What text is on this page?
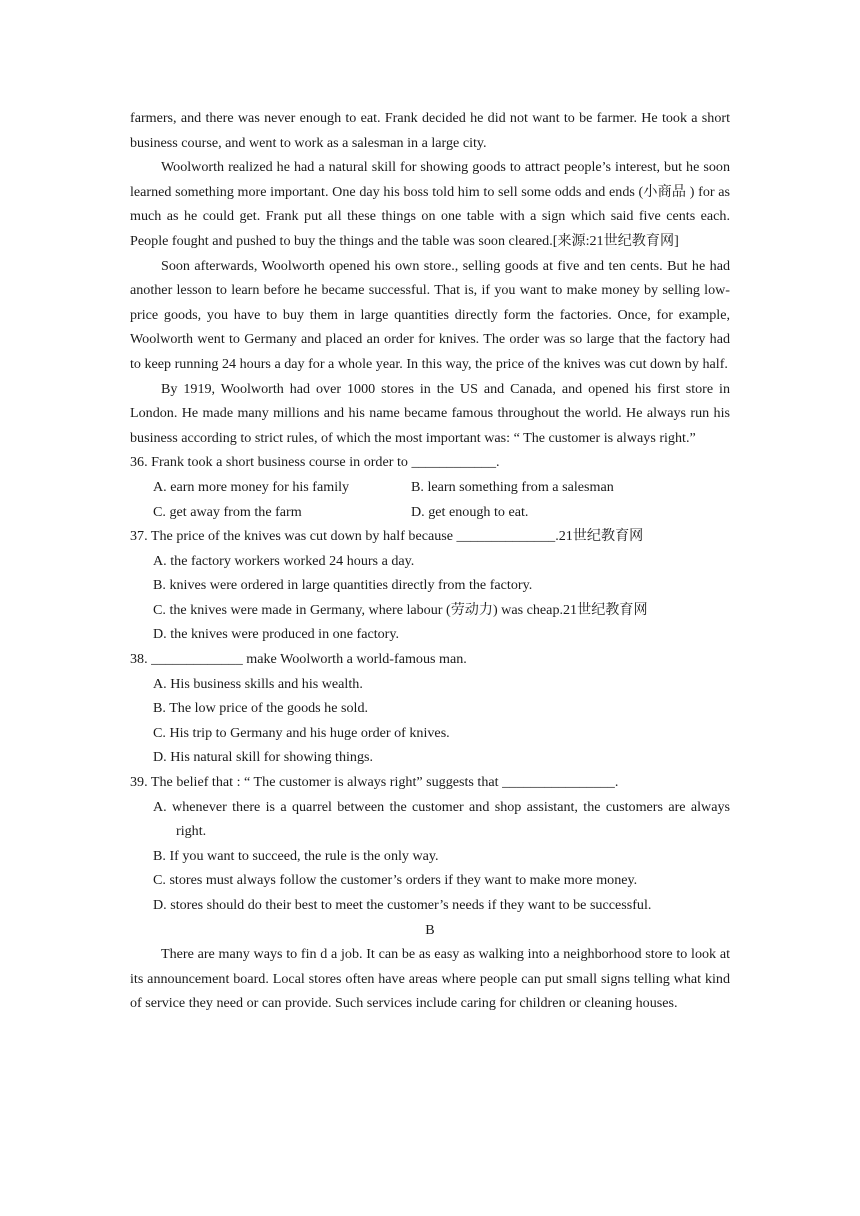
farmers, and there was never enough to eat. Frank decided he did not want to be farmer. He took a short business course, and went to work as a salesman in a large city.

Woolworth realized he had a natural skill for showing goods to attract people’s interest, but he soon learned something more important. One day his boss told him to sell some odds and ends (小商品 ) for as much as he could get. Frank put all these things on one table with a sign which said five cents each. People fought and pushed to buy the things and the table was soon cleared.[来源:21世纪教育网]

Soon afterwards, Woolworth opened his own store., selling goods at five and ten cents. But he had another lesson to learn before he became successful. That is, if you want to make money by selling low-price goods, you have to buy them in large quantities directly form the factories. Once, for example, Woolworth went to Germany and placed an order for knives. The order was so large that the factory had to keep running 24 hours a day for a whole year. In this way, the price of the knives was cut down by half.

By 1919, Woolworth had over 1000 stores in the US and Canada, and opened his first store in London. He made many millions and his name became famous throughout the world. He always run his business according to strict rules, of which the most important was: “ The customer is always right.”

36. Frank took a short business course in order to ____________.

A. earn more money for his family	B. learn something from a salesman
C. get away from the farm	D. get enough to eat.

37. The price of the knives was cut down by half because ______________.21世纪教育网

A. the factory workers worked 24 hours a day.

B. knives were ordered in large quantities directly from the factory.

C. the knives were made in Germany, where labour (劳动力) was cheap.21世纪教育网

D. the knives were produced in one factory.

38. _____________ make Woolworth a world-famous man.

A. His business skills and his wealth.

B. The low price of the goods he sold.

C. His trip to Germany and his huge order of knives.

D. His natural skill for showing things.

39. The belief that : “ The customer is always right” suggests that ________________.

A. whenever there is a quarrel between the customer and shop assistant, the customers are always right.

B. If you want to succeed, the rule is the only way.

C. stores must always follow the customer’s orders if they want to make more money.

D. stores should do their best to meet the customer’s needs if they want to be successful.

B

There are many ways to fin d a job. It can be as easy as walking into a neighborhood store to look at its announcement board. Local stores often have areas where people can put small signs telling what kind of service they need or can provide. Such services include caring for children or cleaning houses.
